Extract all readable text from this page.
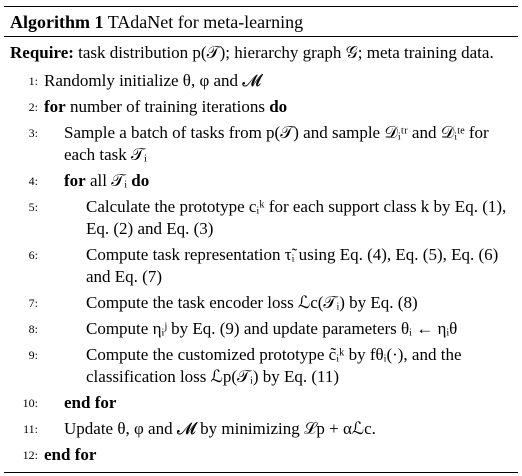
Algorithm 1 TAdaNet for meta-learning
Require: task distribution p(𝒯); hierarchy graph 𝒢; meta training data.
1 : Randomly initialize θ, φ and 𝓜
2 : for number of training iterations do
3 : Sample a batch of tasks from p(𝒯) and sample 𝒟ᵢᵗʳ and 𝒟ᵢᵗᵉ for each task 𝒯ᵢ
4 : for all 𝒯ᵢ do
5 :	Calculate the prototype cᵢᵏ for each support class k by Eq. (1), Eq. (2) and Eq. (3)
6 :	Compute task representation τ̃ᵢ using Eq. (4), Eq. (5), Eq. (6) and Eq. (7)
7 :	Compute the task encoder loss ℒc(𝒯ᵢ) by Eq. (8)
8 :	Compute ηᵢʲ by Eq. (9) and update parameters θᵢ ← ηᵢθ
9 :	Compute the customized prototype c̃ᵢᵏ by fθᵢ(·), and the classification loss ℒp(𝒯ᵢ) by Eq. (11)
10 : end for
11 : Update θ, φ and 𝓜 by minimizing ℒp + αℒc.
12 : end for
